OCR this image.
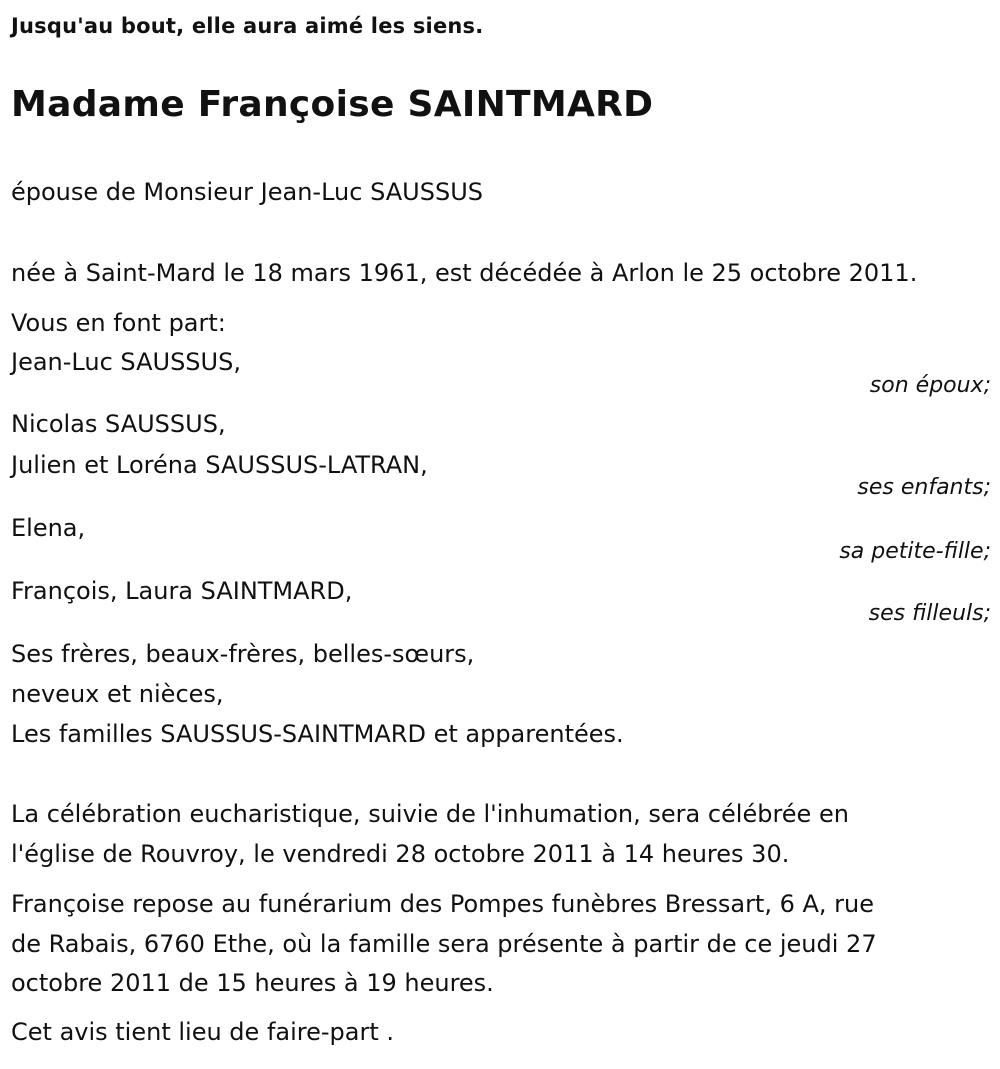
Jusqu'au bout, elle aura aimé les siens.
Madame Françoise SAINTMARD
épouse de Monsieur Jean-Luc SAUSSUS
née à Saint-Mard le 18 mars 1961, est décédée à Arlon le 25 octobre 2011.
Vous en font part:
Jean-Luc SAUSSUS,
son époux;
Nicolas SAUSSUS,
Julien et Loréna SAUSSUS-LATRAN,
ses enfants;
Elena,
sa petite-fille;
François, Laura SAINTMARD,
ses filleuls;
Ses frères, beaux-frères, belles-sœurs,
neveux et nièces,
Les familles SAUSSUS-SAINTMARD et apparentées.
La célébration eucharistique, suivie de l'inhumation, sera célébrée en
l'église de Rouvroy, le vendredi 28 octobre 2011 à 14 heures 30.
Françoise repose au funérarium des Pompes funèbres Bressart, 6 A, rue
de Rabais, 6760 Ethe, où la famille sera présente à partir de ce jeudi 27
octobre 2011 de 15 heures à 19 heures.
Cet avis tient lieu de faire-part .
